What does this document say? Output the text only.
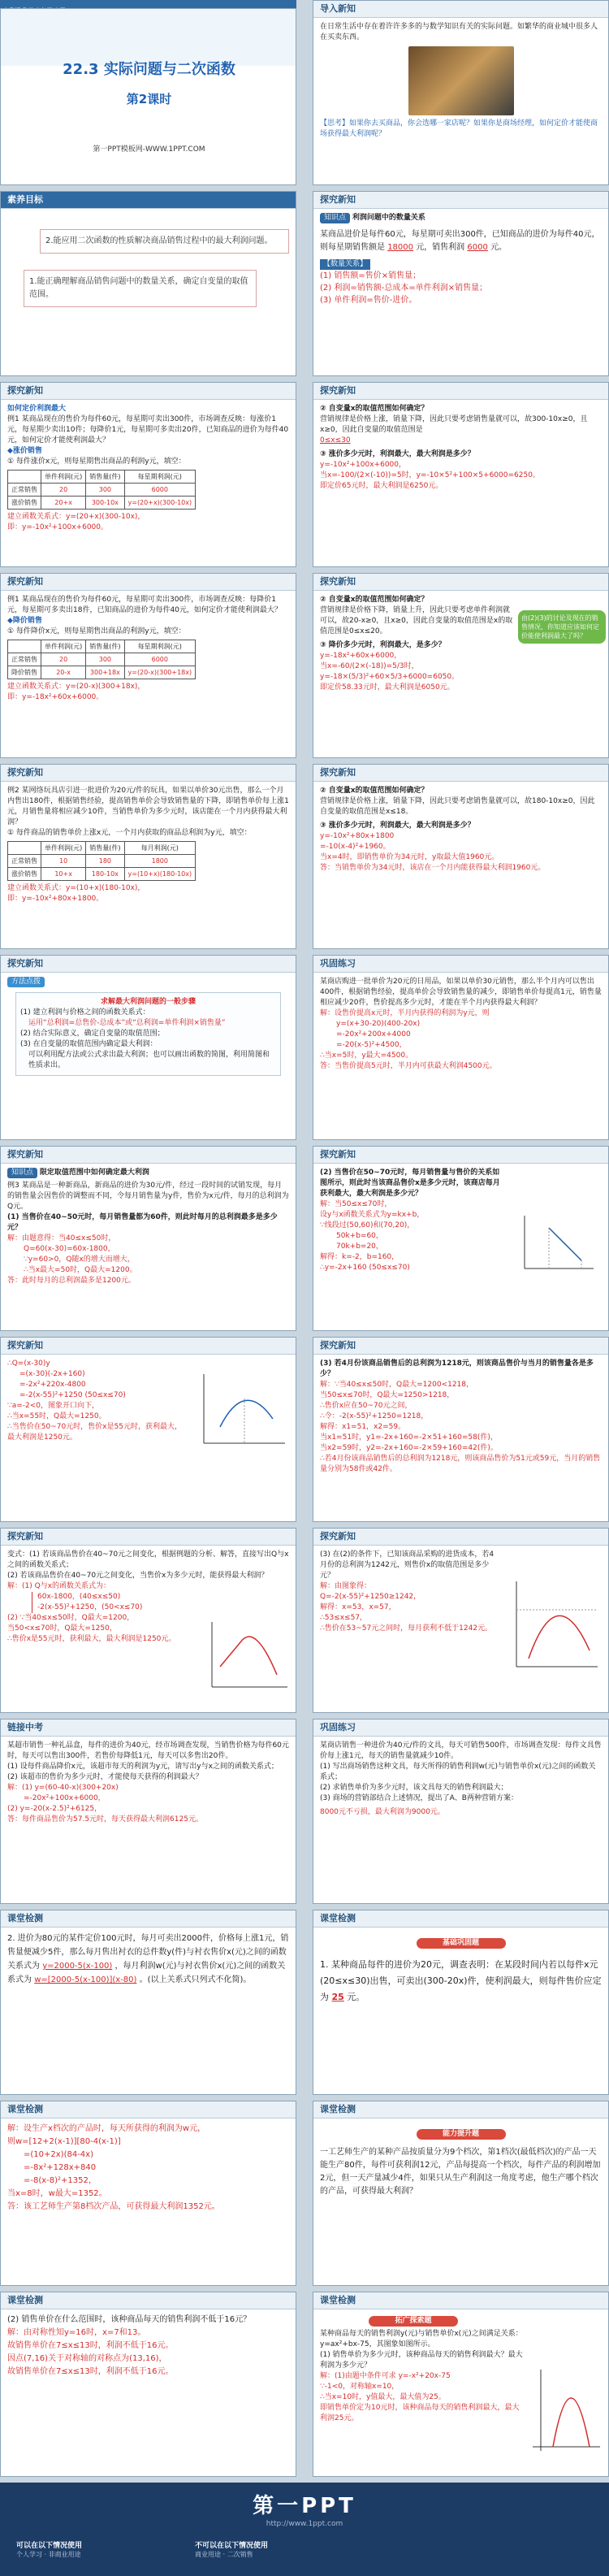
22.3 实际问题与二次函数
第2课时
第一PPT模板网-WWW.1PPT.COM
导入新知
在日常生活中存在着许许多多的与数学知识有关的实际问题。如繁华的商业城中很多人在买卖东西。
【思考】如果你去买商品，你会选哪一家店呢？如果你是商场经理，如何定价才能使商场获得最大利润呢？
素养目标
2.能应用二次函数的性质解决商品销售过程中的最大利润问题。
1.能正确理解商品销售问题中的数量关系，确定自变量的取值范围。
探究新知
知识点 利润问题中的数量关系
某商品进价是每件60元，每星期可卖出300件，已知商品的进价为每件40元，则每星期销售额是 18000 元，销售利润 6000 元。
【数量关系】
(1) 销售额=售价×销售量；
(2) 利润=销售额-总成本=单件利润×销售量；
(3) 单件利润=售价-进价。
探究新知
如何定价利润最大
例1 某商品现在的售价为每件60元，每星期可卖出300件，市场调查反映：每涨价1元，每星期少卖出10件；每降价1元，每星期可多卖出20件，已知商品的进价为每件40元，如何定价才能使利润最大？
◆涨价销售
① 每件涨价x元，则每星期售出商品的利润y元，填空：
	单件利润(元)	销售量(件)	每星期利润(元)
正常销售	20	300	6000
涨价销售	20+x	300-10x	y=(20+x)(300-10x)
建立函数关系式：y=(20+x)(300-10x)，
即：y=-10x²+100x+6000。
探究新知
② 自变量x的取值范围如何确定？
营销规律是价格上涨，销量下降，因此只要考虑销售量就可以，故300-10x≥0，且x≥0，因此自变量的取值范围是
0≤x≤30
③ 涨价多少元时，利润最大，最大利润是多少？
y=-10x²+100x+6000，
当x=-100/(2×(-10))=5时，y=-10×5²+100×5+6000=6250。
即定价65元时，最大利润是6250元。
探究新知
例1 某商品现在的售价为每件60元，每星期可卖出300件，市场调查反映：每降价1元，每星期可多卖出18件，已知商品的进价为每件40元，如何定价才能使利润最大？
◆降价销售
① 每件降价x元，则每星期售出商品的利润y元，填空：
	单件利润(元)	销售量(件)	每星期利润(元)
正常销售	20	300	6000
降价销售	20-x	300+18x	y=(20-x)(300+18x)
建立函数关系式：y=(20-x)(300+18x)，
即：y=-18x²+60x+6000。
探究新知
② 自变量x的取值范围如何确定？
营销规律是价格下降，销量上升，因此只要考虑单件利润就可以，故20-x≥0，且x≥0，因此自变量的取值范围是x的取值范围是0≤x≤20。
③ 降价多少元时，利润最大，是多少？
y=-18x²+60x+6000，
当x=-60/(2×(-18))=5/3时，y=-18×(5/3)²+60×5/3+6000=6050。
即定价58.33元时，最大利润是6050元。
由(2)(3)的讨论及现在的销售情况，你知道应该如何定价能使利润最大了吗？
探究新知
例2 某网络玩具店引进一批进价为20元/件的玩具，如果以单价30元出售，那么一个月内售出180件，根据销售经验，提高销售单价会导致销售量的下降，即销售单价每上涨1元，月销售量将相应减少10件，当销售单价为多少元时，该店能在一个月内获得最大利润？
① 每件商品的销售单价上涨x元，一个月内获取的商品总利润为y元，填空：
	单件利润(元)	销售量(件)	每月利润(元)
正常销售	10	180	1800
涨价销售	10+x	180-10x	y=(10+x)(180-10x)
建立函数关系式：y=(10+x)(180-10x)，
即：y=-10x²+80x+1800。
探究新知
② 自变量x的取值范围如何确定？
营销规律是价格上涨，销量下降，因此只要考虑销售量就可以，故180-10x≥0，因此自变量的取值范围是x≤18。
③ 涨价多少元时，利润最大，最大利润是多少？
y=-10x²+80x+1800
=-10(x-4)²+1960。
当x=4时，即销售单价为34元时，y取最大值1960元。
答：当销售单价为34元时，该店在一个月内能获得最大利润1960元。
探究新知
方法点拨
求解最大利润问题的一般步骤
(1) 建立利润与价格之间的函数关系式：
运用“总利润=总售价-总成本”或“总利润=单件利润×销售量”
(2) 结合实际意义，确定自变量的取值范围；
(3) 在自变量的取值范围内确定最大利润：
可以利用配方法或公式求出最大利润；也可以画出函数的简图，利用简图和性质求出。
巩固练习
某商店购进一批单价为20元的日用品，如果以单价30元销售，那么半个月内可以售出400件，根据销售经验，提高单价会导致销售量的减少，即销售单价每提高1元，销售量相应减少20件，售价提高多少元时，才能在半个月内获得最大利润？
解：设售价提高x元时，半月内获得的利润为y元，则
y=(x+30-20)(400-20x)
=-20x²+200x+4000
=-20(x-5)²+4500，
∴当x=5时，y最大=4500。
答：当售价提高5元时，半月内可获最大利润4500元。
探究新知
知识点 限定取值范围中如何确定最大利润
例3 某商品是一种新商品，新商品的进价为30元/件，经过一段时间的试销发现，每月的销售量会因售价的调整而不同，令每月销售量为y件，售价为x元/件，每月的总利润为Q元。
(1) 当售价在40~50元时，每月销售量都为60件，则此时每月的总利润最多是多少元？
解：由题意得：当40≤x≤50时，
Q=60(x-30)=60x-1800，
∵y=60>0，Q随x的增大而增大，
∴当x最大=50时，Q最大=1200。
答：此时每月的总利润最多是1200元。
探究新知
(2) 当售价在50~70元时，每月销售量与售价的关系如图所示，则此时当该商品售价x是多少元时，该商店每月获利最大，最大利润是多少元？
解：当50≤x≤70时，
设y与x函数关系式为y=kx+b，
∵线段过(50,60)和(70,20)，
50k+b=60，
70k+b=20，
解得：k=-2，b=160，
∴y=-2x+160 (50≤x≤70)
探究新知
∴Q=(x-30)y
=(x-30)(-2x+160)
=-2x²+220x-4800
=-2(x-55)²+1250 (50≤x≤70)
∵a=-2<0，图象开口向下，
∴当x=55时，Q最大=1250。
∴当售价在50~70元时，售价x是55元时，获利最大，最大利润是1250元。
探究新知
(3) 若4月份该商品销售后的总利润为1218元，则该商品售价与当月的销售量各是多少？
解：∵当40≤x≤50时，Q最大=1200<1218，
当50≤x≤70时，Q最大=1250>1218，
∴售价x应在50~70元之间，
∴令：-2(x-55)²+1250=1218，
解得：x1=51，x2=59。
当x1=51时，y1=-2x+160=-2×51+160=58(件)，
当x2=59时，y2=-2x+160=-2×59+160=42(件)。
∴若4月份该商品销售后的总利润为1218元，则该商品售价为51元或59元，当月的销售量分别为58件或42件。
探究新知
变式：(1) 若该商品售价在40~70元之间变化，根据例题的分析、解答，直接写出Q与x之间的函数关系式；
(2) 若该商品售价在40~70元之间变化，当售价x为多少元时，能获得最大利润？
解：(1) Q与x的函数关系式为：
60x-1800，(40≤x≤50)
-2(x-55)²+1250，(50<x≤70)
(2) ∵当40≤x≤50时，Q最大=1200，
当50<x≤70时，Q最大=1250，
∴售价x是55元时，获利最大，最大利润是1250元。
探究新知
(3) 在(2)的条件下，已知该商品采购的进货成本，若4月份的总利润为1242元，则售价x的取值范围是多少元？
解：由图象得：
Q=-2(x-55)²+1250≥1242，
解得：x=53，x=57，
∴53≤x≤57，
∴售价在53~57元之间时，每月获利不低于1242元。
巩固练习
某商店销售一种进价为40元/件的文具，每天可销售500件，市场调查发现：每件文具售价每上涨1元，每天的销售量就减少10件。
(1) 写出商场销售这种文具，每天所得的销售利润w(元)与销售单价x(元)之间的函数关系式；
(2) 求销售单价为多少元时，该文具每天的销售利润最大；
(3) 商场的营销部结合上述情况，提出了A、B两种营销方案：
8000元不亏损，最大利润为9000元。
链接中考
某超市销售一种礼品盒，每件的进价为40元，经市场调查发现，当销售价格为每件60元时，每天可以售出300件，若售价每降低1元，每天可以多售出20件。
(1) 设每件商品降价x元，该超市每天的利润为y元，请写出y与x之间的函数关系式；
(2) 该超市的售价为多少元时，才能使每天获得的利润最大？
解：(1) y=(60-40-x)(300+20x)
=-20x²+100x+6000，
(2) y=-20(x-2.5)²+6125，
答：每件商品售价为57.5元时，每天获得最大利润6125元。
课堂检测
基础巩固题
1. 某种商品每件的进价为20元，调查表明：在某段时间内若以每件x元(20≤x≤30)出售，可卖出(300-20x)件，使利润最大，则每件售价应定为 25 元。
课堂检测
2. 进价为80元的某件定价100元时，每月可卖出2000件，价格每上涨1元，销售量便减少5件，那么每月售出衬衣的总件数y(件)与衬衣售价x(元)之间的函数关系式为 y=2000-5(x-100) ，每月利润w(元)与衬衣售价x(元)之间的函数关系式为 w=[2000-5(x-100)](x-80) 。(以上关系式只列式不化简)。
课堂检测
能力提升题
一工艺师生产的某种产品按质量分为9个档次，第1档次(最低档次)的产品一天能生产80件，每件可获利润12元，产品每提高一个档次，每件产品的利润增加2元，但一天产量减少4件，如果只从生产利润这一角度考虑，他生产哪个档次的产品，可获得最大利润？
课堂检测
解：设生产x档次的产品时，每天所获得的利润为w元，
则w=[12+2(x-1)][80-4(x-1)]
=(10+2x)(84-4x)
=-8x²+128x+840
=-8(x-8)²+1352，
当x=8时，w最大=1352。
答：该工艺师生产第8档次产品，可获得最大利润1352元。
课堂检测
拓广探索题
某种商品每天的销售利润y(元)与销售单价x(元)之间满足关系：y=ax²+bx-75，其图象如图所示。
(1) 销售单价为多少元时，该种商品每天的销售利润最大？最大利润为多少元？
解：(1)由题中条件可求 y=-x²+20x-75
∵-1<0，对称轴x=10，
∴当x=10时，y值最大，最大值为25。
即销售单价定为10元时，该种商品每天的销售利润最大，最大利润25元。
课堂检测
(2) 销售单价在什么范围时，该种商品每天的销售利润不低于16元？
解：由对称性知y=16时，x=7和13。
故销售单价在7≤x≤13时，利润不低于16元。
因点(7,16)关于对称轴的对称点为(13,16)，
故销售单价在7≤x≤13时，利润不低于16元。
第一PPT
http://www.1ppt.com
可以在以下情况使用
个人学习 · 非商业用途
不可以在以下情况使用
商业用途 · 二次销售
